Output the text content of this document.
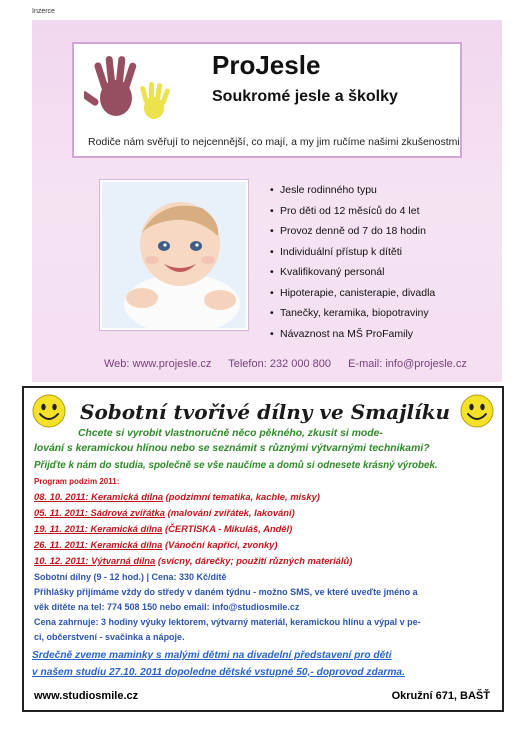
Inzerce
ProJesle
Soukromé jesle a školky
Rodiče nám svěřují to nejcennější, co mají, a my jim ručíme našimi zkušenostmi
• Jesle rodinného typu
• Pro děti od 12 měsíců do 4 let
• Provoz denně od 7 do 18 hodin
• Individuální přístup k dítěti
• Kvalifikovaný personál
• Hipoterapie, canisterapie, divadla
• Tanečky, keramika, biopotraviny
• Návaznost na MŠ ProFamily
Web: www.projesle.cz Telefon: 232 000 800 E-mail: info@projesle.cz
Sobotní tvořivé dílny ve Smajlíku
Chcete si vyrobit vlastnoručně něco pěkného, zkusit si mode-
lování s keramickou hlínou nebo se seznámit s různými výtvarnými technikami?
Přijďte k nám do studia, společně se vše naučíme a domů si odnesete krásný výrobek.
Program podzim 2011:
08. 10. 2011: Keramická dílna (podzimní tematika, kachle, misky)
05. 11. 2011: Sádrová zvířátka (malování zvířátek, lakování)
19. 11. 2011: Keramická dílna (ČERTISKA - Mikuláš, Anděl)
26. 11. 2011: Keramická dílna (Vánoční kapříci, zvonky)
10. 12. 2011: Výtvarná dílna (svícny, dárečky; použití různých materiálů)
Sobotní dílny (9 - 12 hod.) | Cena: 330 Kč/dítě
Přihlášky přijímáme vždy do středy v daném týdnu - možno SMS, ve které uveďte jméno a
věk dítěte na tel: 774 508 150 nebo email: info@studiosmile.cz
Cena zahrnuje: 3 hodiny výuky lektorem, výtvarný materiál, keramickou hlínu a výpal v pe-
ci, občerstvení - svačinka a nápoje.
Srdečně zveme maminky s malými dětmi na divadelní představení pro děti
v našem studiu 27.10. 2011 dopoledne dětské vstupné 50,- doprovod zdarma.
www.studiosmile.cz	Okružní 671, BAŠŤ
